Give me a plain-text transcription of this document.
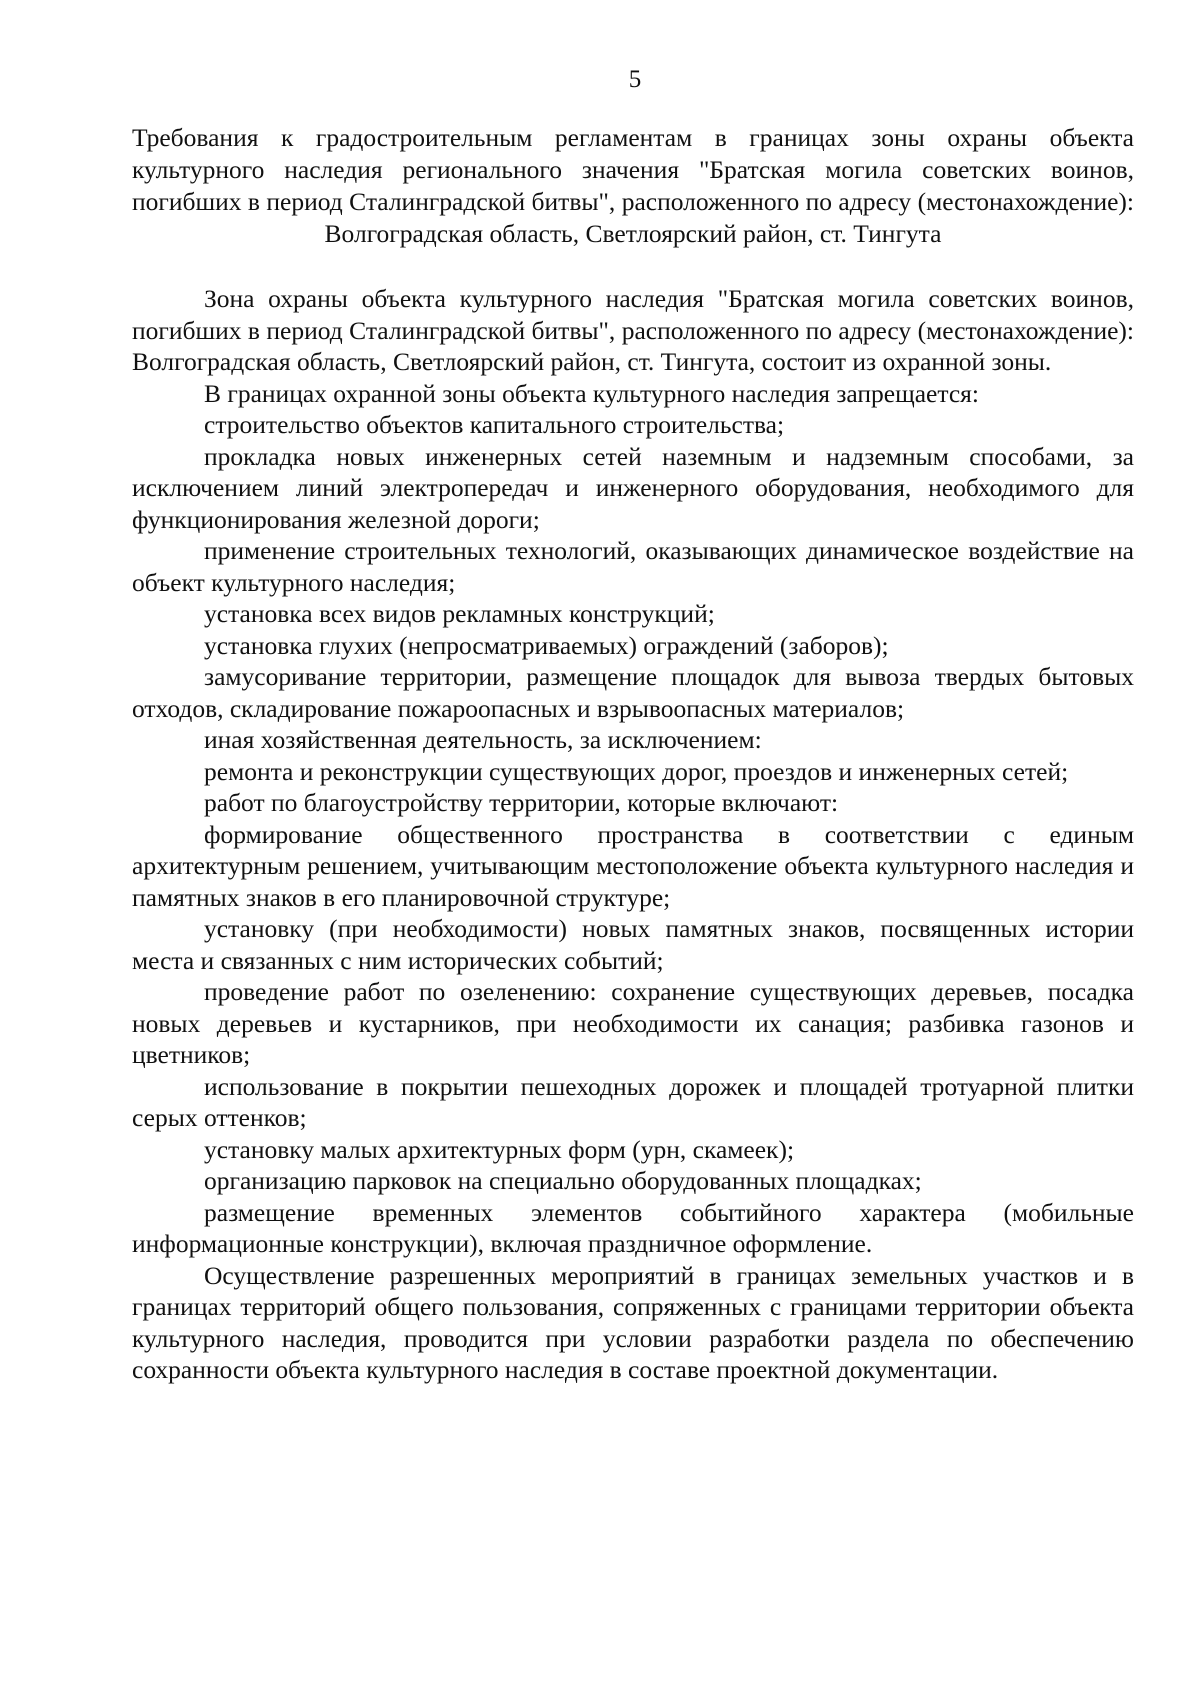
5
Требования к градостроительным регламентам в границах зоны охраны объекта культурного наследия регионального значения "Братская могила советских воинов, погибших в период Сталинградской битвы", расположенного по адресу (местонахождение): Волгоградская область, Светлоярский район, ст. Тингута

Зона охраны объекта культурного наследия "Братская могила советских воинов, погибших в период Сталинградской битвы", расположенного по адресу (местонахождение): Волгоградская область, Светлоярский район, ст. Тингута, состоит из охранной зоны.

В границах охранной зоны объекта культурного наследия запрещается:

строительство объектов капитального строительства;

прокладка новых инженерных сетей наземным и надземным способами, за исключением линий электропередач и инженерного оборудования, необходимого для функционирования железной дороги;

применение строительных технологий, оказывающих динамическое воздействие на объект культурного наследия;

установка всех видов рекламных конструкций;

установка глухих (непросматриваемых) ограждений (заборов);

замусоривание территории, размещение площадок для вывоза твердых бытовых отходов, складирование пожароопасных и взрывоопасных материалов;

иная хозяйственная деятельность, за исключением:

ремонта и реконструкции существующих дорог, проездов и инженерных сетей;

работ по благоустройству территории, которые включают:

формирование общественного пространства в соответствии с единым архитектурным решением, учитывающим местоположение объекта культурного наследия и памятных знаков в его планировочной структуре;

установку (при необходимости) новых памятных знаков, посвященных истории места и связанных с ним исторических событий;

проведение работ по озеленению: сохранение существующих деревьев, посадка новых деревьев и кустарников, при необходимости их санация; разбивка газонов и цветников;

использование в покрытии пешеходных дорожек и площадей тротуарной плитки серых оттенков;

установку малых архитектурных форм (урн, скамеек);

организацию парковок на специально оборудованных площадках;

размещение временных элементов событийного характера (мобильные информационные конструкции), включая праздничное оформление.

Осуществление разрешенных мероприятий в границах земельных участков и в границах территорий общего пользования, сопряженных с границами территории объекта культурного наследия, проводится при условии разработки раздела по обеспечению сохранности объекта культурного наследия в составе проектной документации.
